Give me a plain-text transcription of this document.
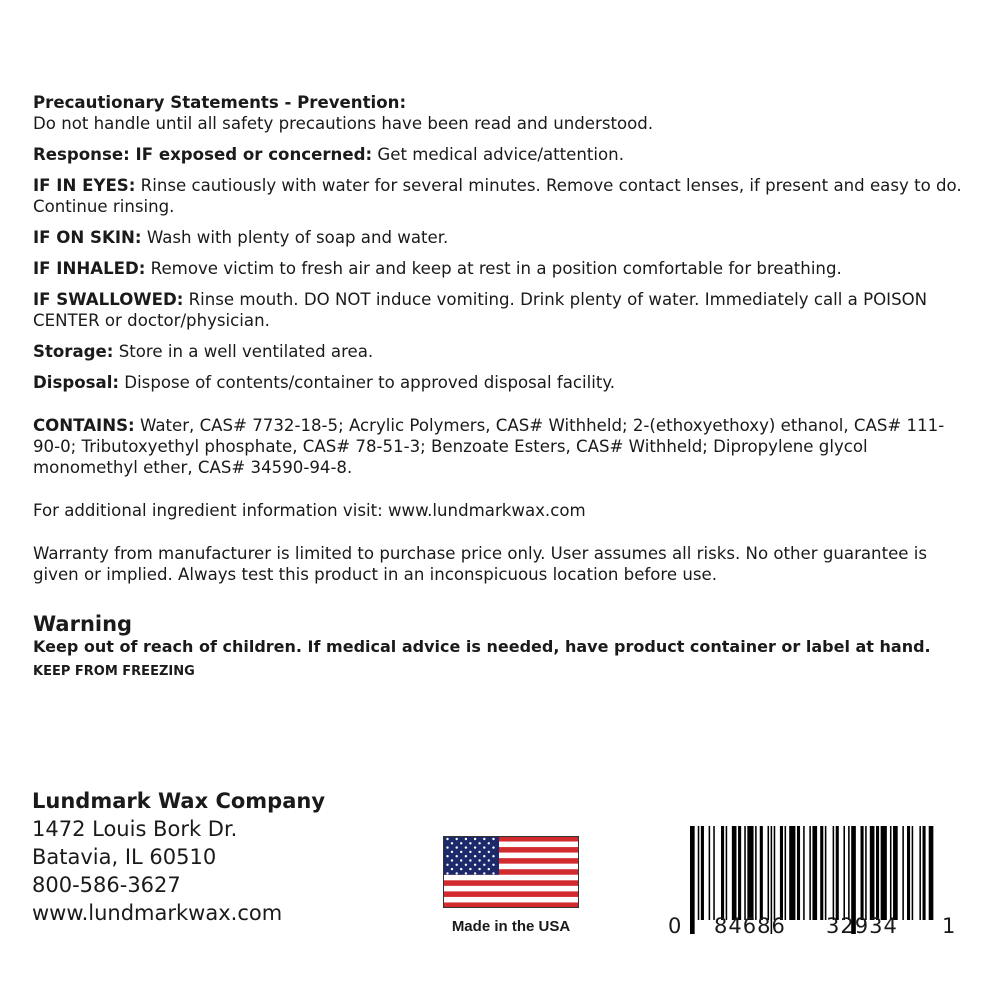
Precautionary Statements - Prevention:
Do not handle until all safety precautions have been read and understood.
Response: IF exposed or concerned: Get medical advice/attention.
IF IN EYES: Rinse cautiously with water for several minutes. Remove contact lenses, if present and easy to do. Continue rinsing.
IF ON SKIN: Wash with plenty of soap and water.
IF INHALED: Remove victim to fresh air and keep at rest in a position comfortable for breathing.
IF SWALLOWED: Rinse mouth. DO NOT induce vomiting. Drink plenty of water. Immediately call a POISON CENTER or doctor/physician.
Storage: Store in a well ventilated area.
Disposal: Dispose of contents/container to approved disposal facility.
CONTAINS: Water, CAS# 7732-18-5; Acrylic Polymers, CAS# Withheld; 2-(ethoxyethoxy) ethanol, CAS# 111-90-0; Tributoxyethyl phosphate, CAS# 78-51-3; Benzoate Esters, CAS# Withheld; Dipropylene glycol monomethyl ether, CAS# 34590-94-8.
For additional ingredient information visit: www.lundmarkwax.com
Warranty from manufacturer is limited to purchase price only. User assumes all risks. No other guarantee is given or implied. Always test this product in an inconspicuous location before use.
Warning
Keep out of reach of children. If medical advice is needed, have product container or label at hand.
KEEP FROM FREEZING
Lundmark Wax Company
1472 Louis Bork Dr.
Batavia, IL 60510
800-586-3627
www.lundmarkwax.com
Made in the USA	0 84686 32934 1
